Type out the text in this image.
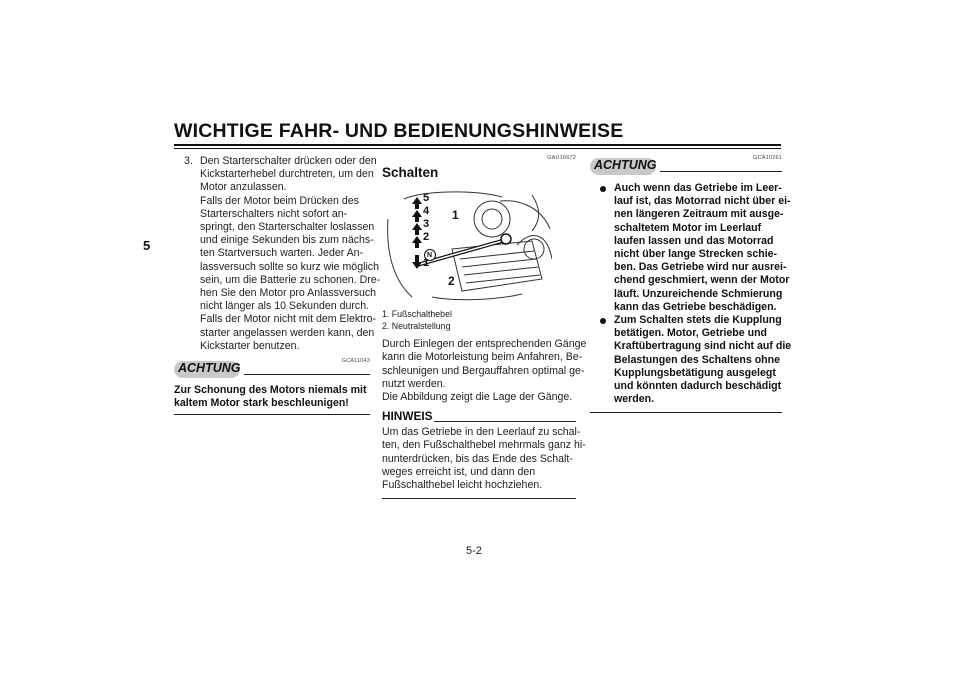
WICHTIGE FAHR- UND BEDIENUNGSHINWEISE
5
3. Den Starterschalter drücken oder den
Kickstarterhebel durchtreten, um den
Motor anzulassen.
Falls der Motor beim Drücken des
Starterschalters nicht sofort an-
springt, den Starterschalter loslassen
und einige Sekunden bis zum nächs-
ten Startversuch warten. Jeder An-
lassversuch sollte so kurz wie möglich
sein, um die Batterie zu schonen. Dre-
hen Sie den Motor pro Anlassversuch
nicht länger als 10 Sekunden durch.
Falls der Motor nicht mit dem Elektro-
starter angelassen werden kann, den
Kickstarter benutzen.
ACHTUNG	GCA11043
Zur Schonung des Motors niemals mit
kaltem Motor stark beschleunigen!
GAU16672
Schalten
5
4
3
2
N
1
1
2
1. Fußschalthebel
2. Neutralstellung
Durch Einlegen der entsprechenden Gänge
kann die Motorleistung beim Anfahren, Be-
schleunigen und Bergauffahren optimal ge-
nutzt werden.
Die Abbildung zeigt die Lage der Gänge.
HINWEIS
Um das Getriebe in den Leerlauf zu schal-
ten, den Fußschalthebel mehrmals ganz hi-
nunterdrücken, bis das Ende des Schalt-
weges erreicht ist, und dann den
Fußschalthebel leicht hochziehen.
ACHTUNG	GCA10261
Auch wenn das Getriebe im Leer-
lauf ist, das Motorrad nicht über ei-
nen längeren Zeitraum mit ausge-
schaltetem Motor im Leerlauf
laufen lassen und das Motorrad
nicht über lange Strecken schie-
ben. Das Getriebe wird nur ausrei-
chend geschmiert, wenn der Motor
läuft. Unzureichende Schmierung
kann das Getriebe beschädigen.
Zum Schalten stets die Kupplung
betätigen. Motor, Getriebe und
Kraftübertragung sind nicht auf die
Belastungen des Schaltens ohne
Kupplungsbetätigung ausgelegt
und könnten dadurch beschädigt
werden.
5-2
